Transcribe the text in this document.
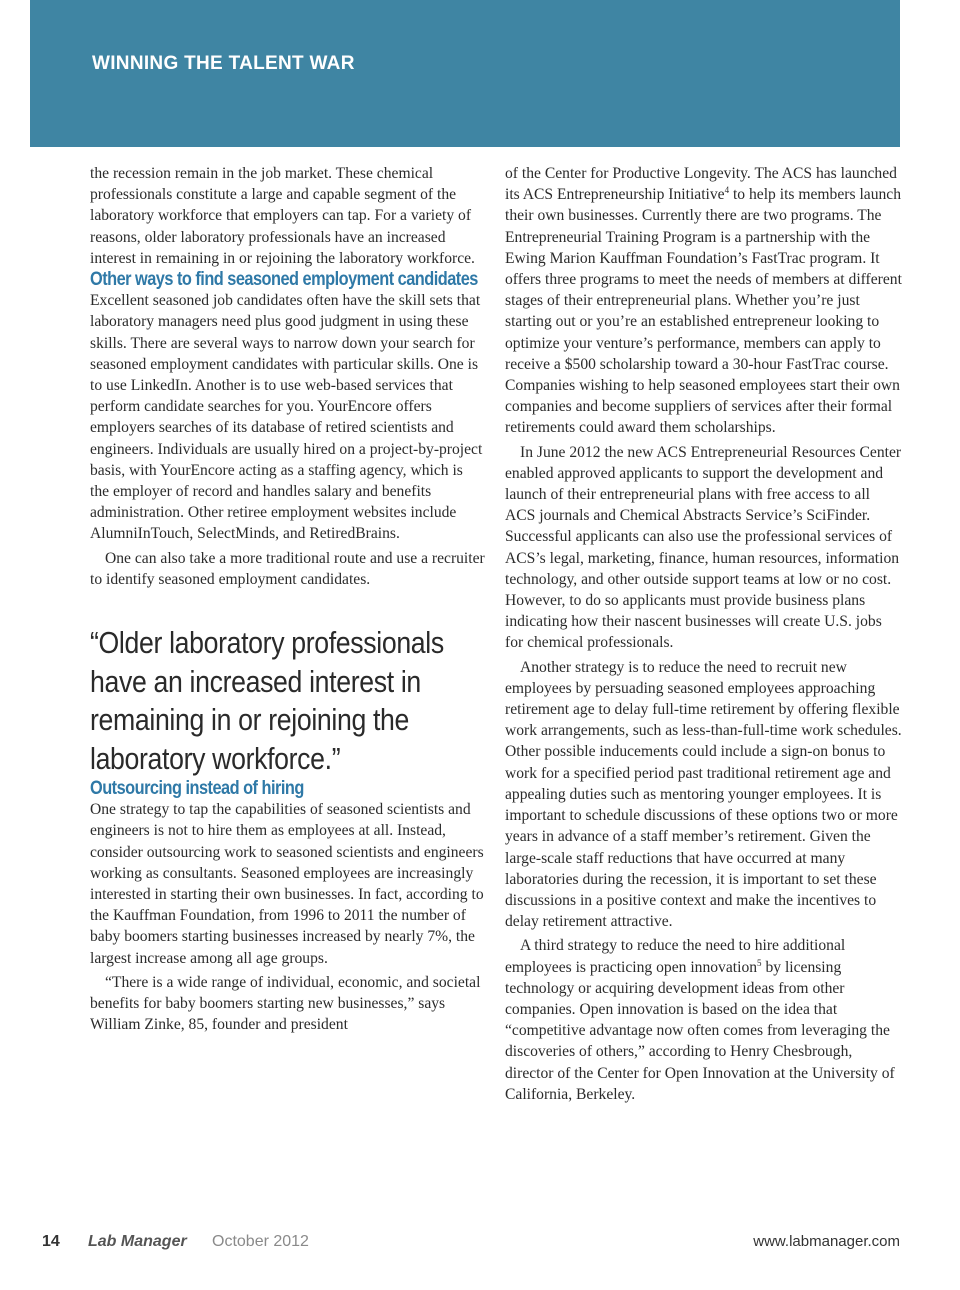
WINNING THE TALENT WAR

the recession remain in the job market. These chemical professionals constitute a large and capable segment of the laboratory workforce that employers can tap. For a variety of reasons, older laboratory professionals have an increased interest in remaining in or rejoining the laboratory workforce.

Other ways to find seasoned employment candidates

Excellent seasoned job candidates often have the skill sets that laboratory managers need plus good judgment in using these skills. There are several ways to narrow down your search for seasoned employment candidates with particular skills. One is to use LinkedIn. Another is to use web-based services that perform candidate searches for you. YourEncore offers employers searches of its database of retired scientists and engineers. Individuals are usually hired on a project-by-project basis, with YourEncore acting as a staffing agency, which is the employer of record and handles salary and benefits administration. Other retiree employment websites include AlumniInTouch, SelectMinds, and RetiredBrains.

One can also take a more traditional route and use a recruiter to identify seasoned employment candidates.

“Older laboratory professionals have an increased interest in remaining in or rejoining the laboratory workforce.”
Outsourcing instead of hiring

One strategy to tap the capabilities of seasoned scientists and engineers is not to hire them as employees at all. Instead, consider outsourcing work to seasoned scientists and engineers working as consultants. Seasoned employees are increasingly interested in starting their own businesses. In fact, according to the Kauffman Foundation, from 1996 to 2011 the number of baby boomers starting businesses increased by nearly 7%, the largest increase among all age groups.

“There is a wide range of individual, economic, and societal benefits for baby boomers starting new businesses,” says William Zinke, 85, founder and president

of the Center for Productive Longevity. The ACS has launched its ACS Entrepreneurship Initiative$^4$ to help its members launch their own businesses. Currently there are two programs. The Entrepreneurial Training Program is a partnership with the Ewing Marion Kauffman Foundation’s FastTrac program. It offers three programs to meet the needs of members at different stages of their entrepreneurial plans. Whether you’re just starting out or you’re an established entrepreneur looking to optimize your venture’s performance, members can apply to receive a $500 scholarship toward a 30-hour FastTrac course. Companies wishing to help seasoned employees start their own companies and become suppliers of services after their formal retirements could award them scholarships.

In June 2012 the new ACS Entrepreneurial Resources Center enabled approved applicants to support the development and launch of their entrepreneurial plans with free access to all ACS journals and Chemical Abstracts Service’s SciFinder. Successful applicants can also use the professional services of ACS’s legal, marketing, finance, human resources, information technology, and other outside support teams at low or no cost. However, to do so applicants must provide business plans indicating how their nascent businesses will create U.S. jobs for chemical professionals.

Another strategy is to reduce the need to recruit new employees by persuading seasoned employees approaching retirement age to delay full-time retirement by offering flexible work arrangements, such as less-than-full-time work schedules. Other possible inducements could include a sign-on bonus to work for a specified period past traditional retirement age and appealing duties such as mentoring younger employees. It is important to schedule discussions of these options two or more years in advance of a staff member’s retirement. Given the large-scale staff reductions that have occurred at many laboratories during the recession, it is important to set these discussions in a positive context and make the incentives to delay retirement attractive.

A third strategy to reduce the need to hire additional employees is practicing open innovation$^5$ by licensing technology or acquiring development ideas from other companies. Open innovation is based on the idea that “competitive advantage now often comes from leveraging the discoveries of others,” according to Henry Chesbrough, director of the Center for Open Innovation at the University of California, Berkeley.

14 Lab Manager October 2012	www.labmanager.com
